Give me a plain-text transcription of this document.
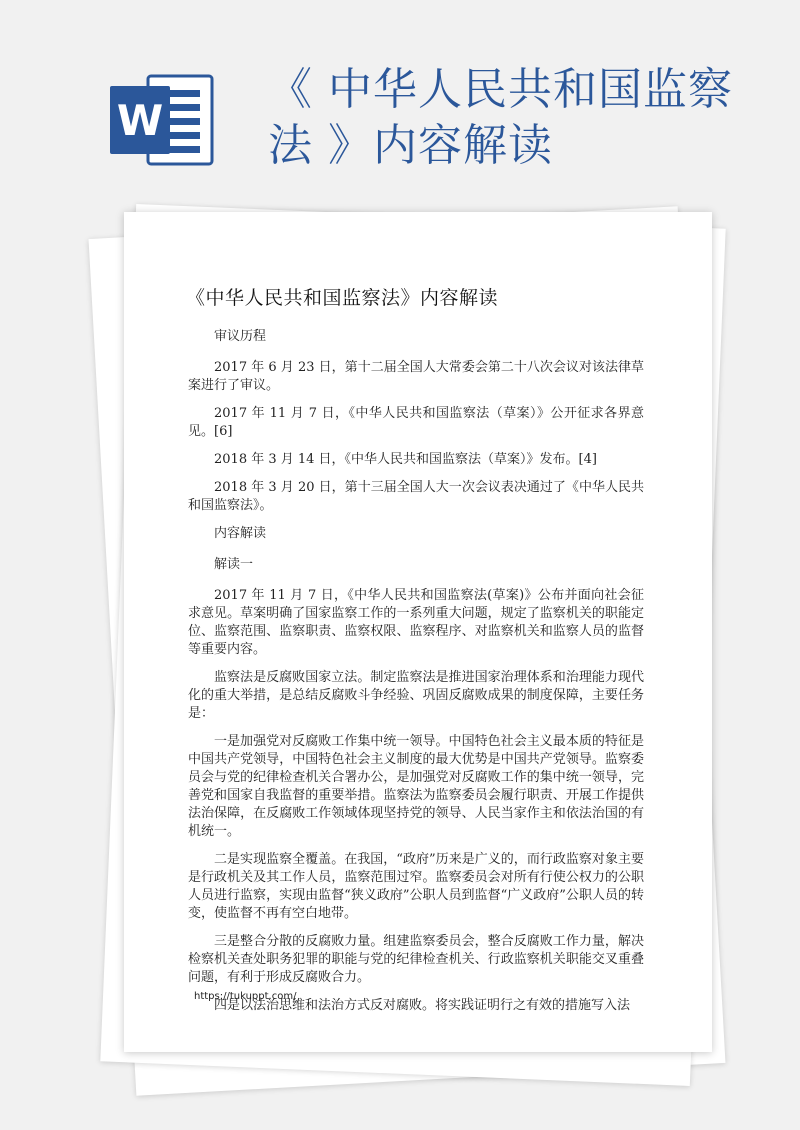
W
《 中华人民共和国监察法 》内容解读
《中华人民共和国监察法》内容解读

审议历程

2017 年 6 月 23 日，第十二届全国人大常委会第二十八次会议对该法律草案进行了审议。

2017 年 11 月 7 日，《中华人民共和国监察法（草案）》公开征求各界意见。[6]

2018 年 3 月 14 日，《中华人民共和国监察法（草案）》发布。[4]

2018 年 3 月 20 日，第十三届全国人大一次会议表决通过了《中华人民共和国监察法》。

内容解读

解读一

2017 年 11 月 7 日，《中华人民共和国监察法(草案)》公布并面向社会征求意见。草案明确了国家监察工作的一系列重大问题，规定了监察机关的职能定位、监察范围、监察职责、监察权限、监察程序、对监察机关和监察人员的监督等重要内容。

监察法是反腐败国家立法。制定监察法是推进国家治理体系和治理能力现代化的重大举措，是总结反腐败斗争经验、巩固反腐败成果的制度保障，主要任务是：

一是加强党对反腐败工作集中统一领导。中国特色社会主义最本质的特征是中国共产党领导，中国特色社会主义制度的最大优势是中国共产党领导。监察委员会与党的纪律检查机关合署办公，是加强党对反腐败工作的集中统一领导，完善党和国家自我监督的重要举措。监察法为监察委员会履行职责、开展工作提供法治保障，在反腐败工作领域体现坚持党的领导、人民当家作主和依法治国的有机统一。

二是实现监察全覆盖。在我国，“政府”历来是广义的，而行政监察对象主要是行政机关及其工作人员，监察范围过窄。监察委员会对所有行使公权力的公职人员进行监察，实现由监督“狭义政府”公职人员到监督“广义政府”公职人员的转变，使监督不再有空白地带。

三是整合分散的反腐败力量。组建监察委员会，整合反腐败工作力量，解决检察机关查处职务犯罪的职能与党的纪律检查机关、行政监察机关职能交叉重叠问题，有利于形成反腐败合力。

四是以法治思维和法治方式反对腐败。将实践证明行之有效的措施写入法

https://tukuppt.com/
